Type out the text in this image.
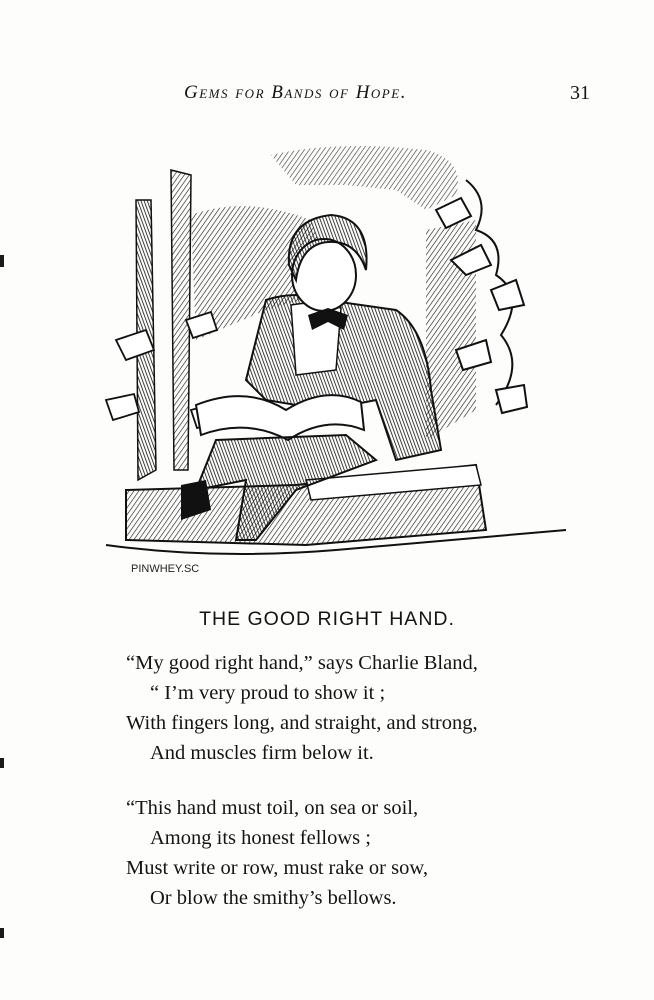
Gems for Bands of Hope.	31
PINWHEY.SC
THE GOOD RIGHT HAND.
“My good right hand,” says Charlie Bland,
“ I’m very proud to show it ;
With fingers long, and straight, and strong,
And muscles firm below it.
“This hand must toil, on sea or soil,
Among its honest fellows ;
Must write or row, must rake or sow,
Or blow the smithy’s bellows.
